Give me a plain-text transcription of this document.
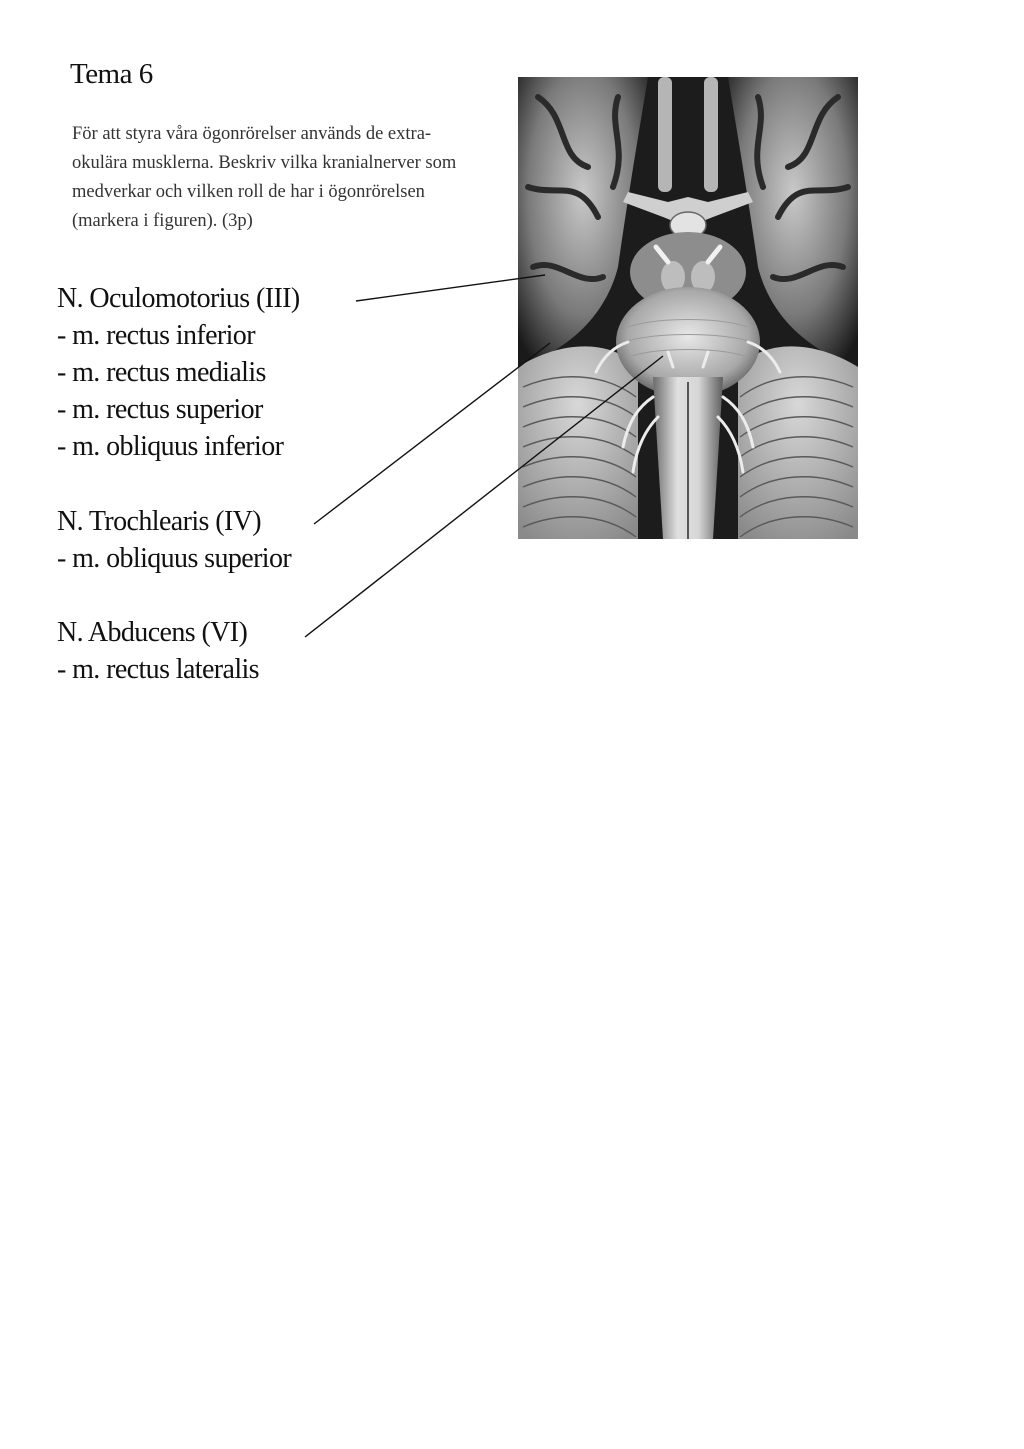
Tema 6

För att styra våra ögonrörelser används de extra-
okulära musklerna. Beskriv vilka kranialnerver som
medverkar och vilken roll de har i ögonrörelsen
(markera i figuren). (3p)

N. Oculomotorius (III)
- m. rectus inferior
- m. rectus medialis
- m. rectus superior
- m. obliquus inferior
N. Trochlearis (IV)
- m. obliquus superior
N. Abducens (VI)
- m. rectus lateralis
